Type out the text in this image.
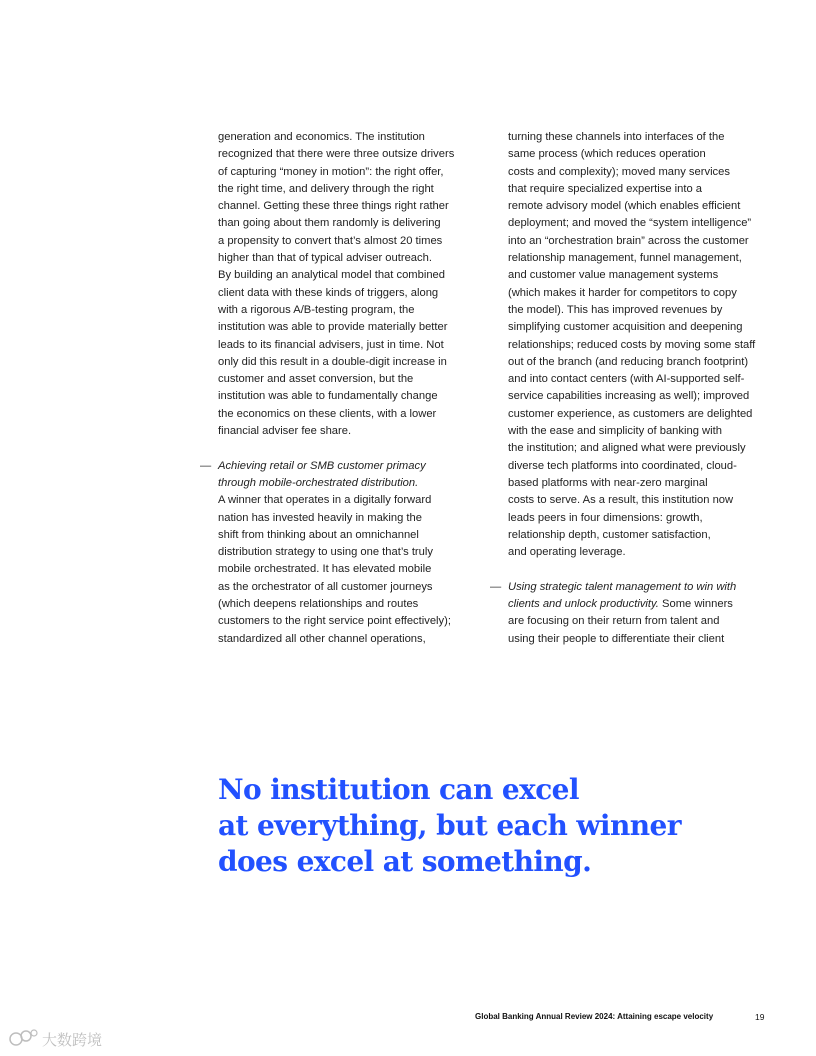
generation and economics. The institution
recognized that there were three outsize drivers
of capturing “money in motion”: the right offer,
the right time, and delivery through the right
channel. Getting these three things right rather
than going about them randomly is delivering
a propensity to convert that’s almost 20 times
higher than that of typical adviser outreach.
By building an analytical model that combined
client data with these kinds of triggers, along
with a rigorous A/B-testing program, the
institution was able to provide materially better
leads to its financial advisers, just in time. Not
only did this result in a double-digit increase in
customer and asset conversion, but the
institution was able to fundamentally change
the economics on these clients, with a lower
financial adviser fee share.
— Achieving retail or SMB customer primacy
through mobile-orchestrated distribution.
A winner that operates in a digitally forward
nation has invested heavily in making the
shift from thinking about an omnichannel
distribution strategy to using one that’s truly
mobile orchestrated. It has elevated mobile
as the orchestrator of all customer journeys
(which deepens relationships and routes
customers to the right service point effectively);
standardized all other channel operations,
turning these channels into interfaces of the
same process (which reduces operation
costs and complexity); moved many services
that require specialized expertise into a
remote advisory model (which enables efficient
deployment; and moved the “system intelligence”
into an “orchestration brain” across the customer
relationship management, funnel management,
and customer value management systems
(which makes it harder for competitors to copy
the model). This has improved revenues by
simplifying customer acquisition and deepening
relationships; reduced costs by moving some staff
out of the branch (and reducing branch footprint)
and into contact centers (with AI-supported self-
service capabilities increasing as well); improved
customer experience, as customers are delighted
with the ease and simplicity of banking with
the institution; and aligned what were previously
diverse tech platforms into coordinated, cloud-
based platforms with near-zero marginal
costs to serve. As a result, this institution now
leads peers in four dimensions: growth,
relationship depth, customer satisfaction,
and operating leverage.
— Using strategic talent management to win with
clients and unlock productivity. Some winners
are focusing on their return from talent and
using their people to differentiate their client
No institution can excel
at everything, but each winner
does excel at something.
Global Banking Annual Review 2024: Attaining escape velocity	19
大数跨境
